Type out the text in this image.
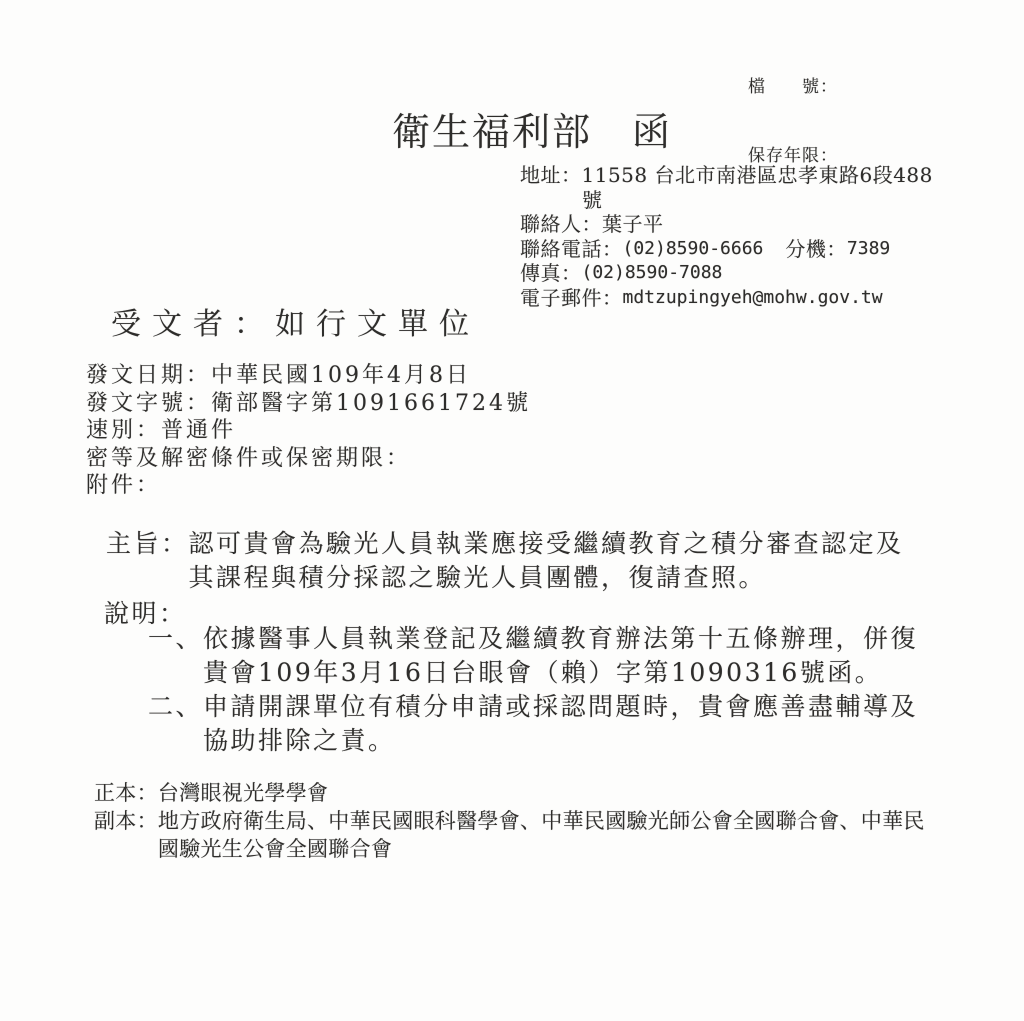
檔　　號：

保存年限：

衛生福利部　函
地址： 11558 台北市南港區忠孝東路6段488
號
聯絡人： 葉子平
聯絡電話： (02)8590-6666 分機： 7389
傳真： (02)8590-7088
電子郵件： mdtzupingyeh@mohw.gov.tw
受文者：如行文單位
發文日期：中華民國109年4月8日
發文字號：衛部醫字第1091661724號
速別：普通件
密等及解密條件或保密期限：
附件：
主旨： 認可貴會為驗光人員執業應接受繼續教育之積分審查認定及其課程與積分採認之驗光人員團體，復請查照。
說明：
一、 依據醫事人員執業登記及繼續教育辦法第十五條辦理，併復貴會109年3月16日台眼會（賴）字第1090316號函。
二、 申請開課單位有積分申請或採認問題時，貴會應善盡輔導及協助排除之責。
正本： 台灣眼視光學學會
副本： 地方政府衛生局、中華民國眼科醫學會、中華民國驗光師公會全國聯合會、中華民國驗光生公會全國聯合會
